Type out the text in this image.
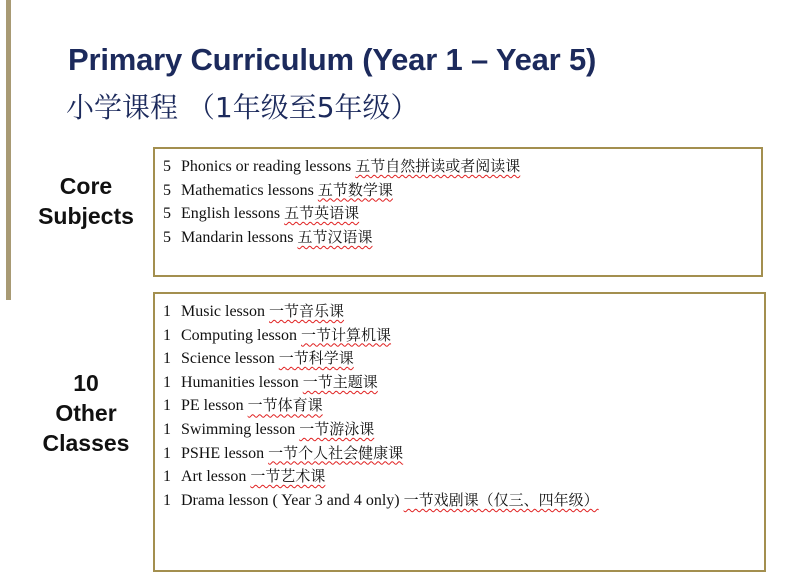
Primary Curriculum (Year 1 – Year 5)
小学课程 （1年级至5年级）
Core
Subjects
5 Phonics or reading lessons 五节自然拼读或者阅读课
5 Mathematics lessons 五节数学课
5 English lessons 五节英语课
5 Mandarin lessons 五节汉语课
10
Other
Classes
1 Music lesson 一节音乐课
1 Computing lesson 一节计算机课
1 Science lesson 一节科学课
1 Humanities lesson 一节主题课
1 PE lesson 一节体育课
1 Swimming lesson 一节游泳课
1 PSHE lesson 一节个人社会健康课
1 Art lesson 一节艺术课
1 Drama lesson ( Year 3 and 4 only) 一节戏剧课（仅三、四年级）
